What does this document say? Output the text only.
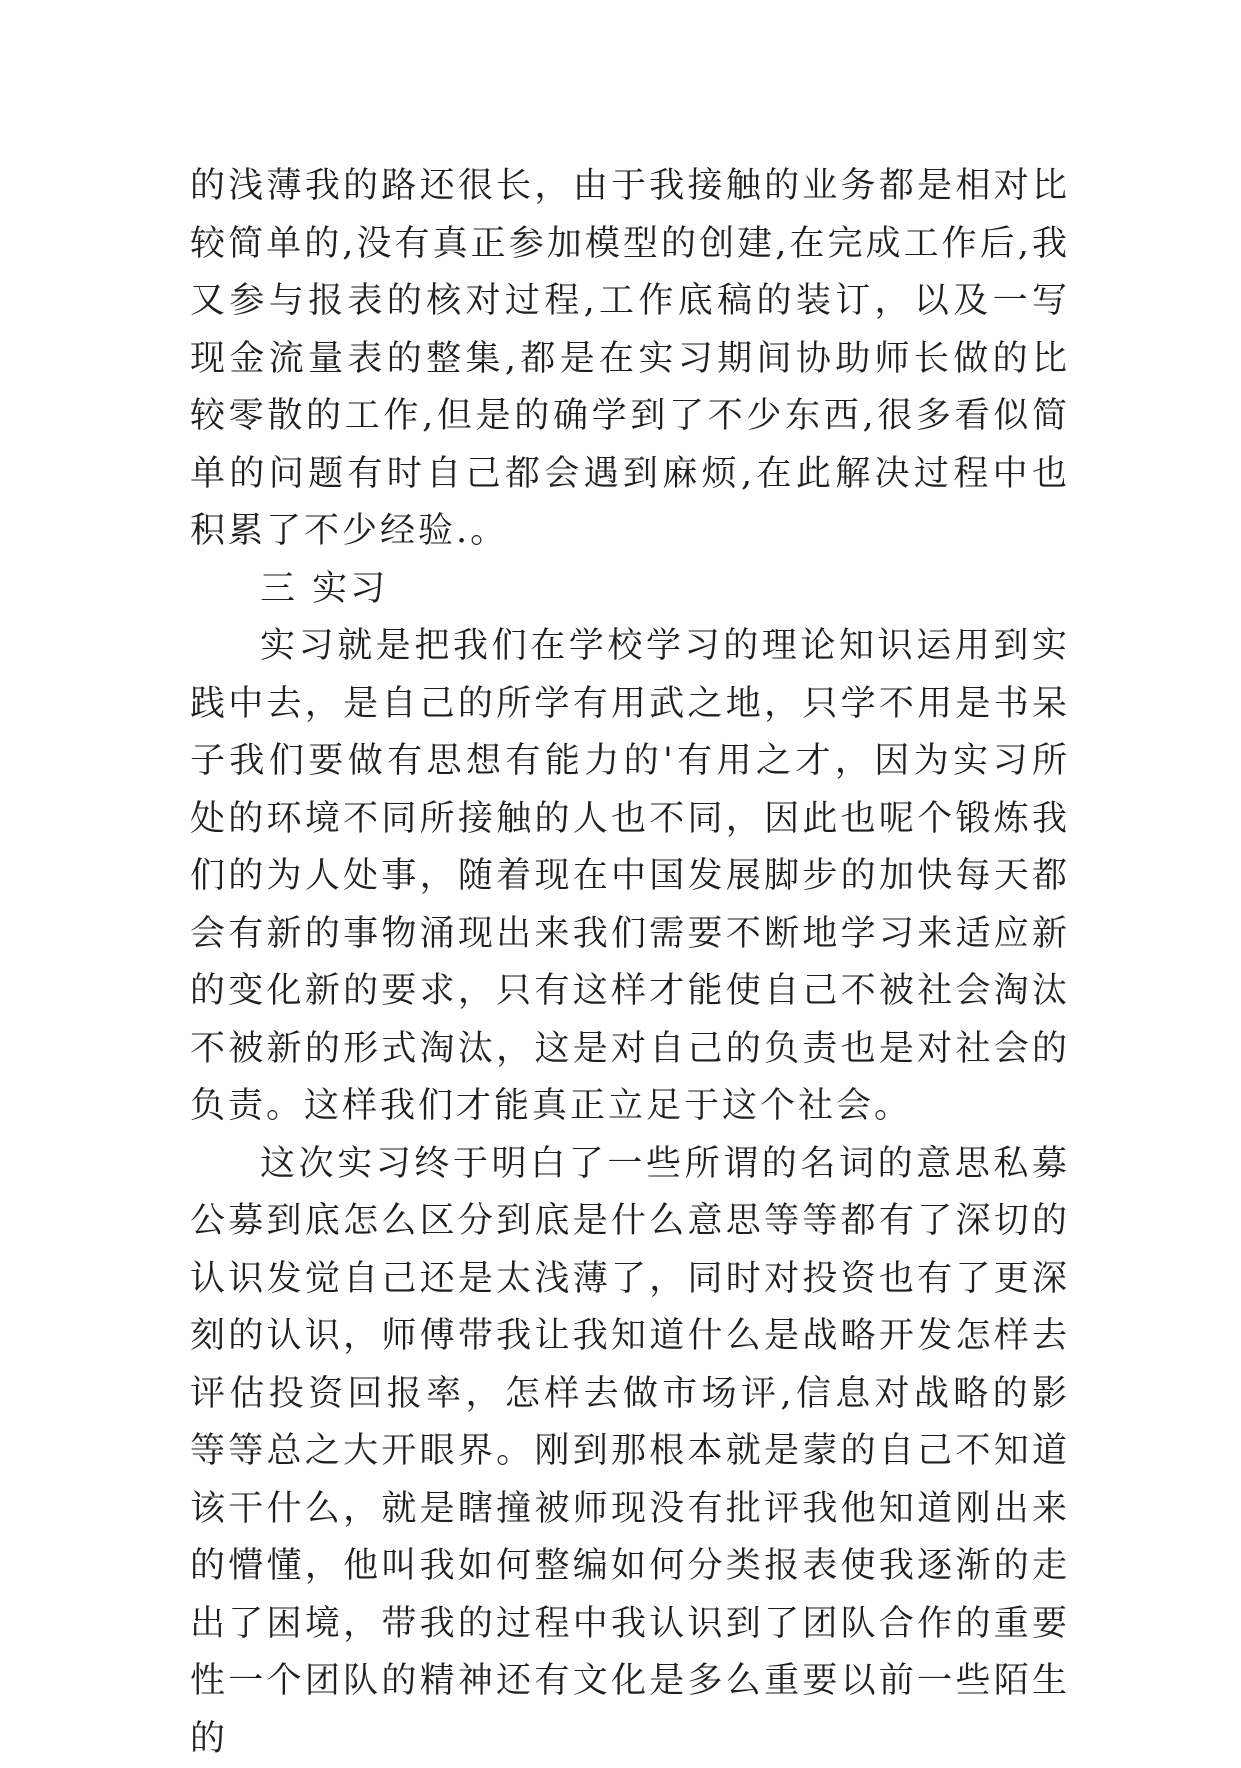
的浅薄我的路还很长，由于我接触的业务都是相对比较简单的,没有真正参加模型的创建,在完成工作后,我又参与报表的核对过程,工作底稿的装订，以及一写现金流量表的整集,都是在实习期间协助师长做的比较零散的工作,但是的确学到了不少东西,很多看似简单的问题有时自己都会遇到麻烦,在此解决过程中也积累了不少经验.。

三 实习

实习就是把我们在学校学习的理论知识运用到实践中去，是自己的所学有用武之地，只学不用是书呆子我们要做有思想有能力的'有用之才，因为实习所处的环境不同所接触的人也不同，因此也呢个锻炼我们的为人处事，随着现在中国发展脚步的加快每天都会有新的事物涌现出来我们需要不断地学习来适应新的变化新的要求，只有这样才能使自己不被社会淘汰不被新的形式淘汰，这是对自己的负责也是对社会的负责。这样我们才能真正立足于这个社会。

这次实习终于明白了一些所谓的名词的意思私募公募到底怎么区分到底是什么意思等等都有了深切的认识发觉自己还是太浅薄了，同时对投资也有了更深刻的认识，师傅带我让我知道什么是战略开发怎样去评估投资回报率，怎样去做市场评,信息对战略的影等等总之大开眼界。刚到那根本就是蒙的自己不知道该干什么，就是瞎撞被师现没有批评我他知道刚出来的懵懂，他叫我如何整编如何分类报表使我逐渐的走出了困境，带我的过程中我认识到了团队合作的重要性一个团队的精神还有文化是多么重要以前一些陌生的
